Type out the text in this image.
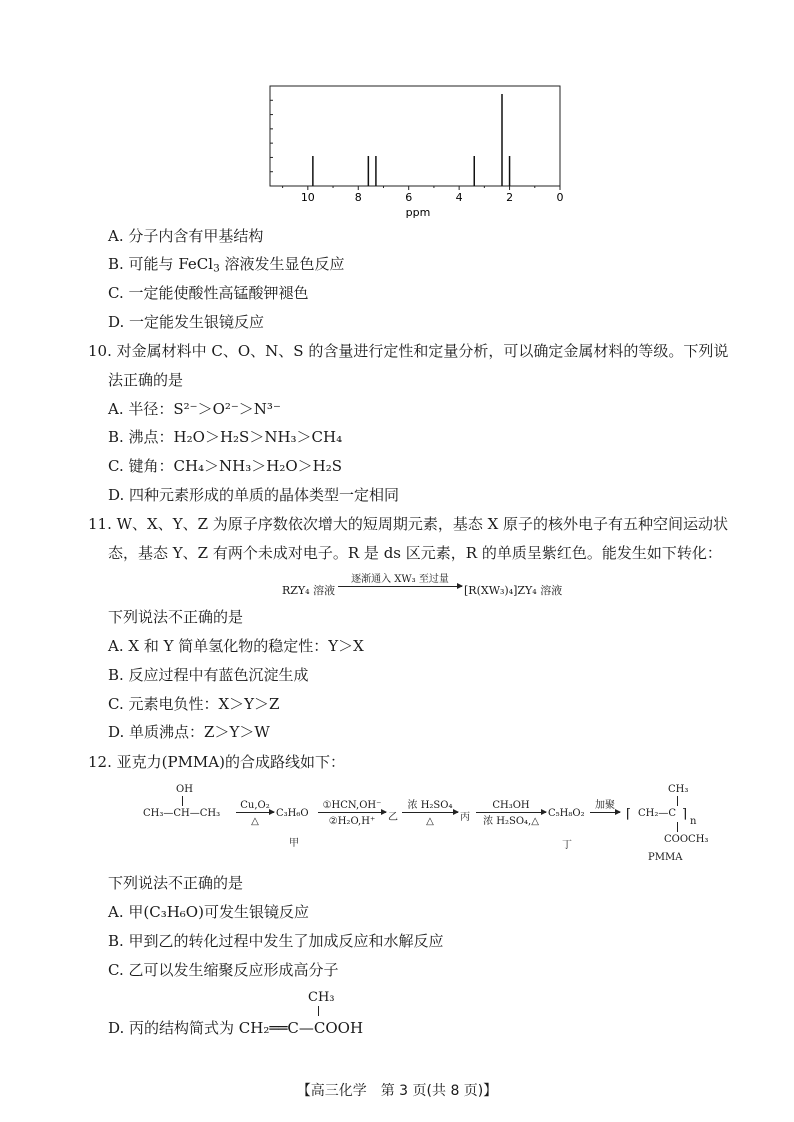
10	8	6	4	2	0
ppm
A. 分子内含有甲基结构
B. 可能与 FeCl$_3$ 溶液发生显色反应
C. 一定能使酸性高锰酸钾褪色
D. 一定能发生银镜反应
10. 对金属材料中 C、O、N、S 的含量进行定性和定量分析，可以确定金属材料的等级。下列说
法正确的是
A. 半径：S²⁻＞O²⁻＞N³⁻
B. 沸点：H₂O＞H₂S＞NH₃＞CH₄
C. 键角：CH₄＞NH₃＞H₂O＞H₂S
D. 四种元素形成的单质的晶体类型一定相同
11. W、X、Y、Z 为原子序数依次增大的短周期元素，基态 X 原子的核外电子有五种空间运动状
态，基态 Y、Z 有两个未成对电子。R 是 ds 区元素，R 的单质呈紫红色。能发生如下转化：
RZY₄ 溶液
逐渐通入 XW₃ 至过量
[R(XW₃)₄]ZY₄ 溶液
下列说法不正确的是
A. X 和 Y 简单氢化物的稳定性：Y＞X
B. 反应过程中有蓝色沉淀生成
C. 元素电负性：X＞Y＞Z
D. 单质沸点：Z＞Y＞W
12. 亚克力(PMMA)的合成路线如下：
OH
CH₃—CH—CH₃
Cu,O₂
△
C₃H₆O
甲
①HCN,OH⁻
②H₂O,H⁺	乙
浓 H₂SO₄
△	丙
CH₃OH
浓 H₂SO₄,△
C₅H₈O₂
丁
加聚
CH₃
⌈ CH₂—C ⌉ n
COOCH₃
PMMA
下列说法不正确的是
A. 甲(C₃H₆O)可发生银镜反应
B. 甲到乙的转化过程中发生了加成反应和水解反应
C. 乙可以发生缩聚反应形成高分子
CH₃
D. 丙的结构简式为 CH₂══C—COOH
【高三化学　第 3 页(共 8 页)】
